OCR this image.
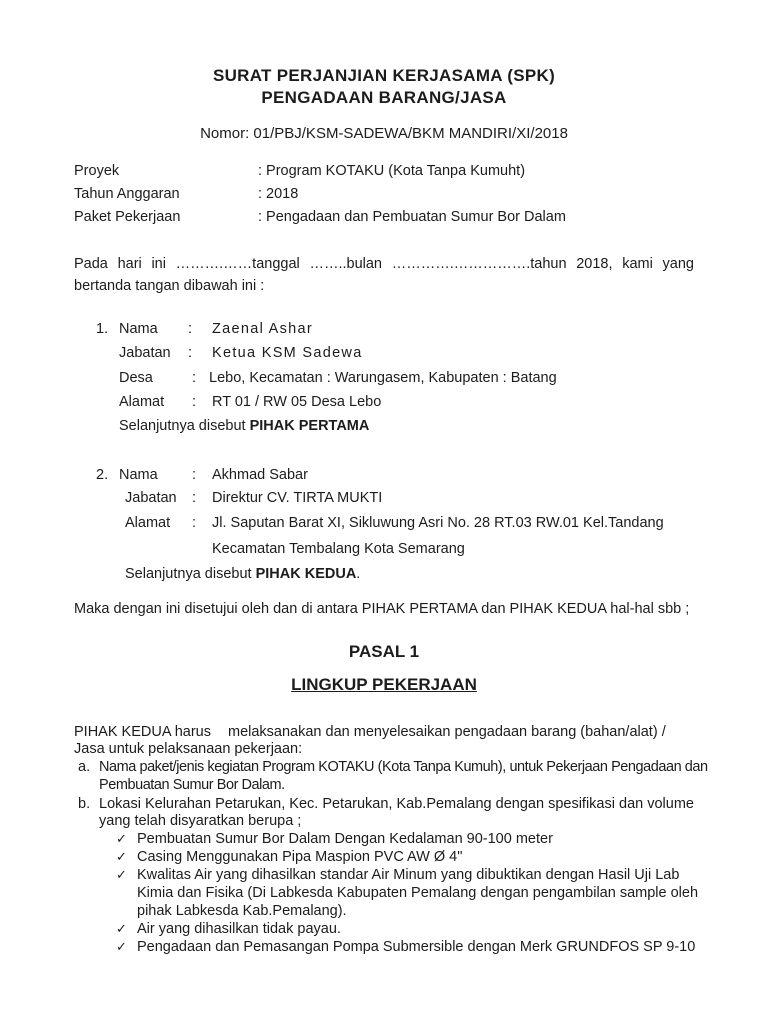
SURAT PERJANJIAN KERJASAMA (SPK)
PENGADAAN BARANG/JASA
Nomor: 01/PBJ/KSM-SADEWA/BKM MANDIRI/XI/2018
Proyek	: Program KOTAKU (Kota Tanpa Kumuht)
Tahun Anggaran	: 2018
Paket Pekerjaan	: Pengadaan dan Pembuatan Sumur Bor Dalam
Pada hari ini ……….……tanggal ……..bulan ………….…………….tahun 2018, kami yang
bertanda tangan dibawah ini :
1. Nama : Zaenal Ashar
Jabatan : Ketua KSM Sadewa
Desa	: Lebo, Kecamatan : Warungasem, Kabupaten : Batang
Alamat : RT 01 / RW 05 Desa Lebo
Selanjutnya disebut PIHAK PERTAMA
2. Nama : Akhmad Sabar
Jabatan : Direktur CV. TIRTA MUKTI
Alamat : Jl. Saputan Barat XI, Sikluwung Asri No. 28 RT.03 RW.01 Kel.Tandang
Kecamatan Tembalang Kota Semarang
Selanjutnya disebut PIHAK KEDUA.
Maka dengan ini disetujui oleh dan di antara PIHAK PERTAMA dan PIHAK KEDUA hal-hal sbb ;
PASAL 1
LINGKUP PEKERJAAN
PIHAK KEDUA harus melaksanakan dan menyelesaikan pengadaan barang (bahan/alat) /
Jasa untuk pelaksanaan pekerjaan:
a. Nama paket/jenis kegiatan Program KOTAKU (Kota Tanpa Kumuh), untuk Pekerjaan Pengadaan dan
Pembuatan Sumur Bor Dalam.
b. Lokasi Kelurahan Petarukan, Kec. Petarukan, Kab.Pemalang dengan spesifikasi dan volume
yang telah disyaratkan berupa ;
✓ Pembuatan Sumur Bor Dalam Dengan Kedalaman 90-100 meter
✓ Casing Menggunakan Pipa Maspion PVC AW Ø 4"
✓ Kwalitas Air yang dihasilkan standar Air Minum yang dibuktikan dengan Hasil Uji Lab
Kimia dan Fisika (Di Labkesda Kabupaten Pemalang dengan pengambilan sample oleh
pihak Labkesda Kab.Pemalang).
✓ Air yang dihasilkan tidak payau.
✓ Pengadaan dan Pemasangan Pompa Submersible dengan Merk GRUNDFOS SP 9-10
